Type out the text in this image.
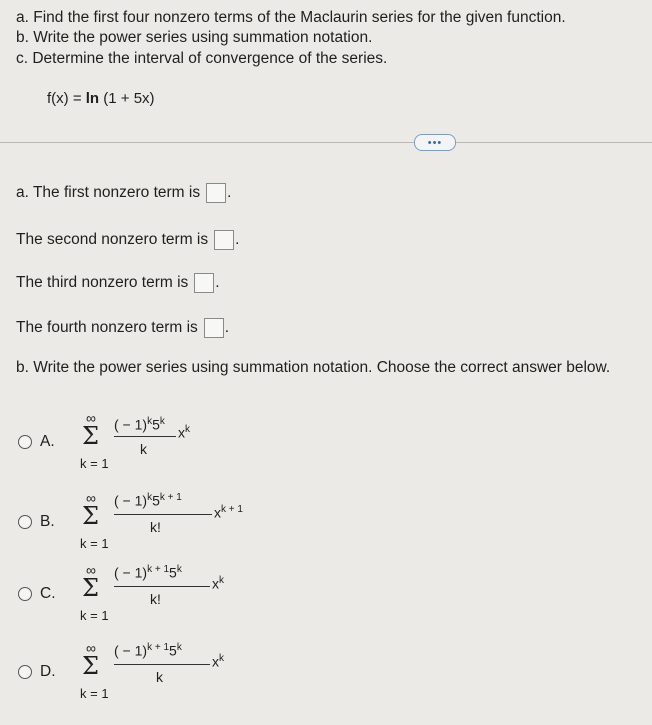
a. Find the first four nonzero terms of the Maclaurin series for the given function.
b. Write the power series using summation notation.
c. Determine the interval of convergence of the series.
f(x) = ln (1 + 5x)
•••
a. The first nonzero term is .
The second nonzero term is .
The third nonzero term is .
The fourth nonzero term is .
b. Write the power series using summation notation. Choose the correct answer below.
A.
∞
Σ
k = 1
( − $1)^k5^k$
k
$x^k$
B.
∞
Σ
k = 1
( − $1)^k5^{k + 1}$
k!
$x^{k + 1}$
C.
∞
Σ
k = 1
( − $1)^{k + 1}5^k$
k!
$x^k$
D.
∞
Σ
k = 1
( − $1)^{k + 1}5^k$
k
$x^k$
